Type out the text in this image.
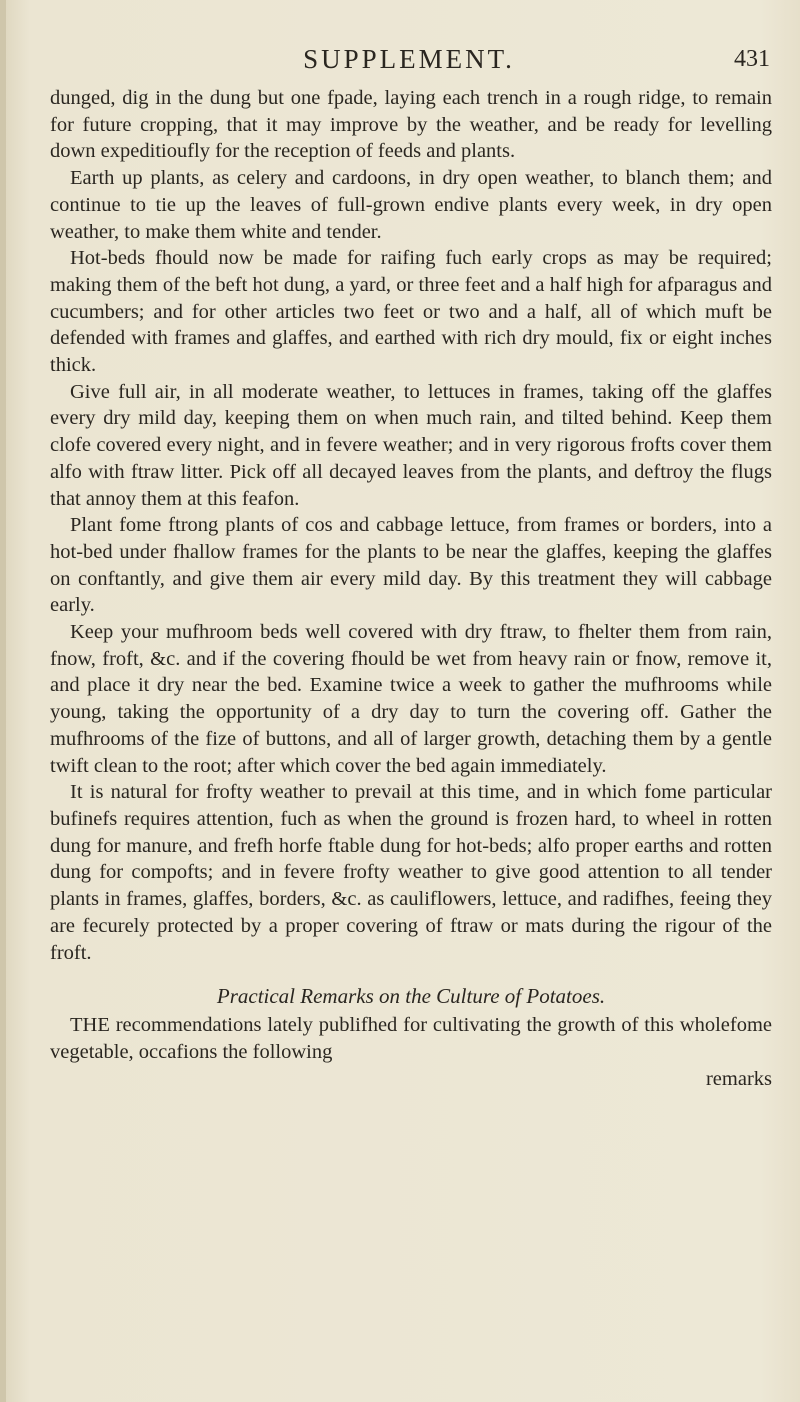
SUPPLEMENT.	431

dunged, dig in the dung but one fpade, laying each trench in a rough ridge, to remain for future cropping, that it may improve by the weather, and be ready for levelling down expeditioufly for the reception of feeds and plants.

Earth up plants, as celery and cardoons, in dry open weather, to blanch them; and continue to tie up the leaves of full-grown endive plants every week, in dry open weather, to make them white and tender.

Hot-beds fhould now be made for raifing fuch early crops as may be required; making them of the beft hot dung, a yard, or three feet and a half high for afparagus and cucumbers; and for other articles two feet or two and a half, all of which muft be defended with frames and glaffes, and earthed with rich dry mould, fix or eight inches thick.

Give full air, in all moderate weather, to lettuces in frames, taking off the glaffes every dry mild day, keeping them on when much rain, and tilted behind. Keep them clofe covered every night, and in fevere weather; and in very rigorous frofts cover them alfo with ftraw litter. Pick off all decayed leaves from the plants, and deftroy the flugs that annoy them at this feafon.

Plant fome ftrong plants of cos and cabbage lettuce, from frames or borders, into a hot-bed under fhallow frames for the plants to be near the glaffes, keeping the glaffes on conftantly, and give them air every mild day. By this treatment they will cabbage early.

Keep your mufhroom beds well covered with dry ftraw, to fhelter them from rain, fnow, froft, &c. and if the covering fhould be wet from heavy rain or fnow, remove it, and place it dry near the bed. Examine twice a week to gather the mufhrooms while young, taking the opportunity of a dry day to turn the covering off. Gather the mufhrooms of the fize of buttons, and all of larger growth, detaching them by a gentle twift clean to the root; after which cover the bed again immediately.

It is natural for frofty weather to prevail at this time, and in which fome particular bufinefs requires attention, fuch as when the ground is frozen hard, to wheel in rotten dung for manure, and frefh horfe ftable dung for hot-beds; alfo proper earths and rotten dung for compofts; and in fevere frofty weather to give good attention to all tender plants in frames, glaffes, borders, &c. as cauliflowers, lettuce, and radifhes, feeing they are fecurely protected by a proper covering of ftraw or mats during the rigour of the froft.

Practical Remarks on the Culture of Potatoes.

THE recommendations lately publifhed for cultivating the growth of this wholefome vegetable, occafions the following

remarks
